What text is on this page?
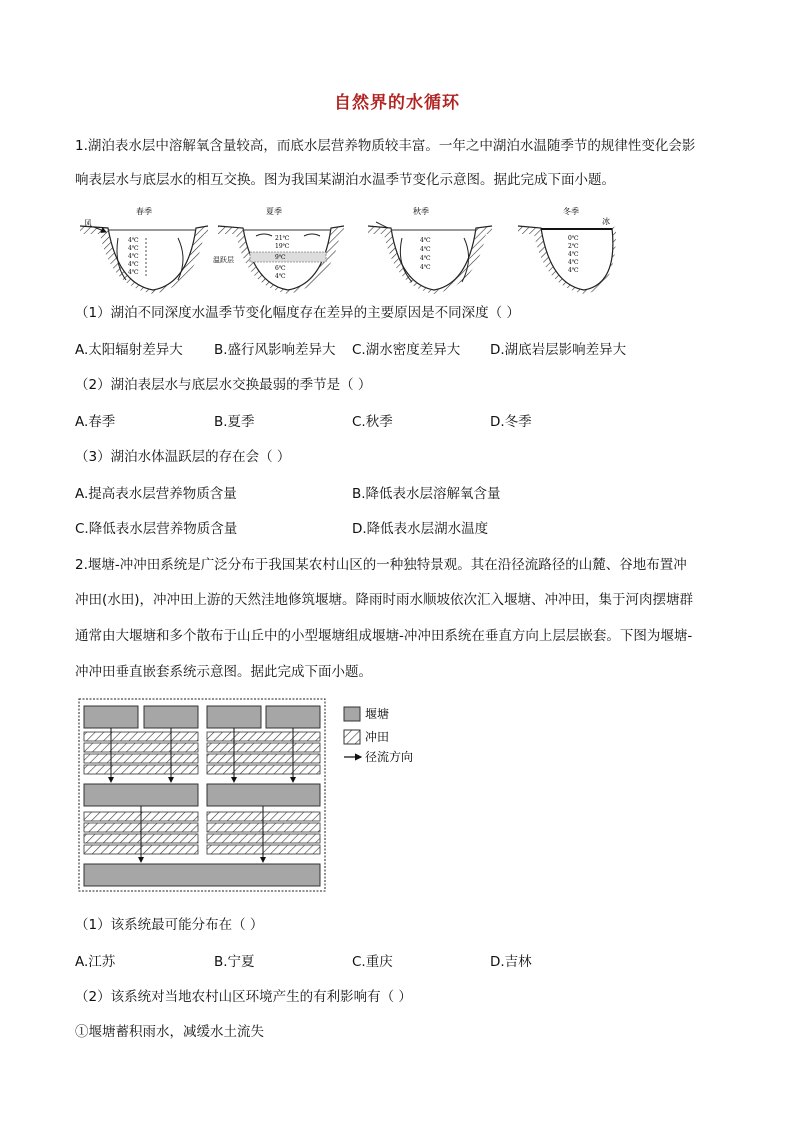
自然界的水循环
1.湖泊表水层中溶解氧含量较高，而底水层营养物质较丰富。一年之中湖泊水温随季节的规律性变化会影
响表层水与底层水的相互交换。图为我国某湖泊水温季节变化示意图。据此完成下面小题。
春季
风
4℃
4℃
4℃
4℃
4℃
夏季
温跃层
21℃
19℃
9℃
6℃
4℃
秋季
4℃
4℃
4℃
4℃
冬季
冰
0℃
2℃
4℃
4℃
4℃
（1）湖泊不同深度水温季节变化幅度存在差异的主要原因是不同深度（ ）
A.太阳辐射差异大 B.盛行风影响差异大 C.湖水密度差异大 D.湖底岩层影响差异大
（2）湖泊表层水与底层水交换最弱的季节是（ ）
A.春季	B.夏季	C.秋季	D.冬季
（3）湖泊水体温跃层的存在会（ ）
A.提高表水层营养物质含量	B.降低表水层溶解氧含量
C.降低表水层营养物质含量	D.降低表水层湖水温度
2.堰塘-冲冲田系统是广泛分布于我国某农村山区的一种独特景观。其在沿径流路径的山麓、谷地布置冲
冲田(水田)，冲冲田上游的天然洼地修筑堰塘。降雨时雨水顺坡依次汇入堰塘、冲冲田，集于河肉摆塘群
通常由大堰塘和多个散布于山丘中的小型堰塘组成堰塘-冲冲田系统在垂直方向上层层嵌套。下图为堰塘-
冲冲田垂直嵌套系统示意图。据此完成下面小题。
堰塘
冲田
径流方向
（1）该系统最可能分布在（ ）
A.江苏	B.宁夏	C.重庆	D.吉林
（2）该系统对当地农村山区环境产生的有利影响有（ ）
①堰塘蓄积雨水，减缓水土流失
